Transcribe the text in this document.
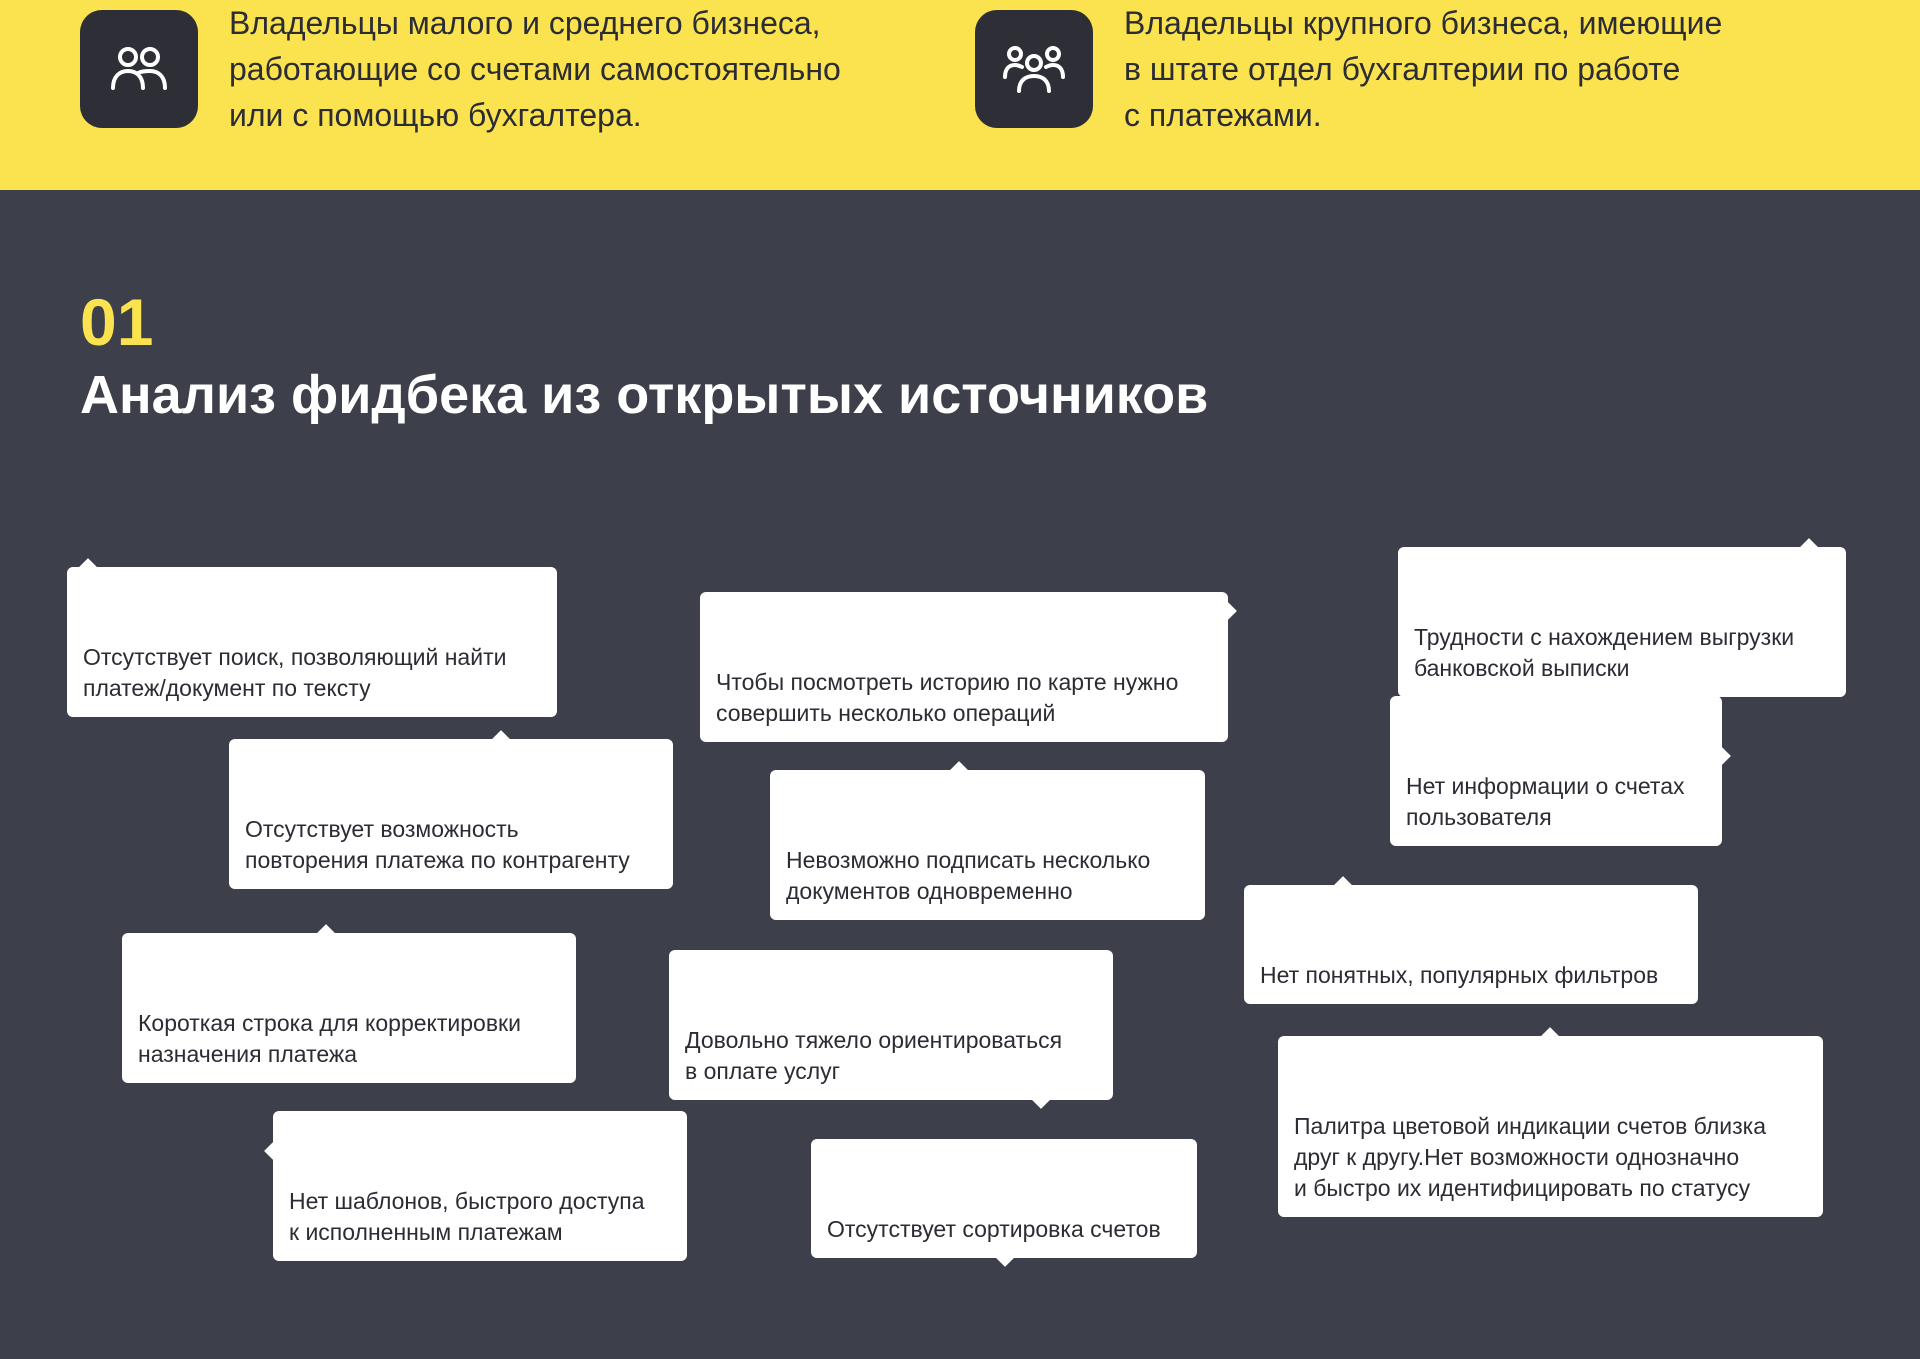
Владельцы малого и среднего бизнеса,
работающие со счетами самостоятельно
или с помощью бухгалтера.
Владельцы крупного бизнеса, имеющие
в штате отдел бухгалтерии по работе
с платежами.
01
Анализ фидбека из открытых источников

Отсутствует поиск, позволяющий найти
платеж/документ по тексту	Чтобы посмотреть историю по карте нужно
совершить несколько операций

Трудности с нахождением выгрузки
банковской выписки

Нет информации о счетах
пользователя

Отсутствует возможность
повторения платежа по контрагенту	Невозможно подписать несколько
документов одновременно

Нет понятных, популярных фильтров

Короткая строка для корректировки
назначения платежа

Довольно тяжело ориентироваться
в оплате услуг

Палитра цветовой индикации счетов близка
друг к другу.Нет возможности однозначно
и быстро их идентифицировать по статусу

Нет шаблонов, быстрого доступа
к исполненным платежам	Отсутствует сортировка счетов
